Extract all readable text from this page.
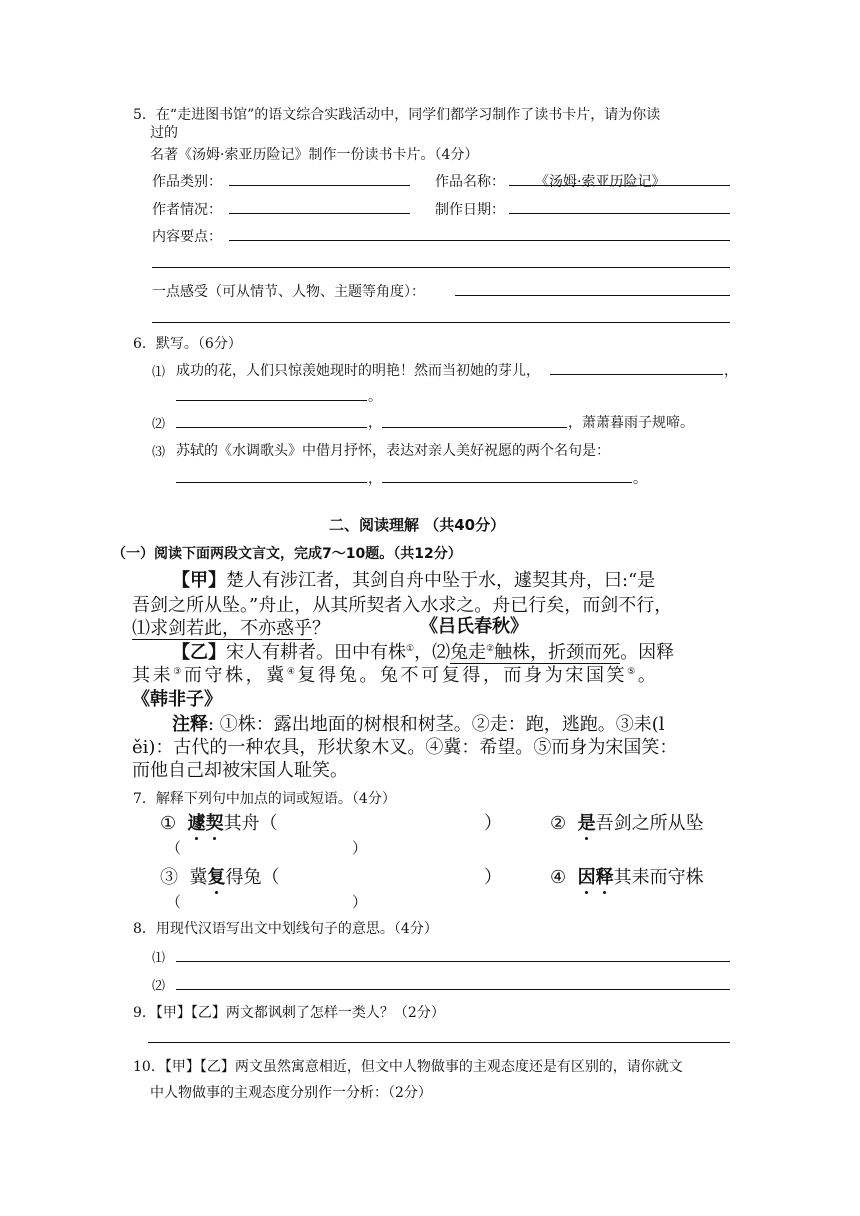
5．在“走进图书馆”的语文综合实践活动中，同学们都学习制作了读书卡片，请为你读
过的
名著《汤姆·索亚历险记》制作一份读书卡片。（4分）
作品类别：	作品名称： 《汤姆·索亚历险记》
作者情况：	制作日期：
内容要点：
一点感受（可从情节、人物、主题等角度）：
6．默写。（6分）
⑴ 成功的花，人们只惊羡她现时的明艳！然而当初她的芽儿，	，
。
⑵	，	，萧萧暮雨子规啼。
⑶ 苏轼的《水调歌头》中借月抒怀，表达对亲人美好祝愿的两个名句是：
，	。
二、阅读理解 （共40分）
（一）阅读下面两段文言文，完成7～10题。（共12分）
【甲】楚人有涉江者，其剑自舟中坠于水，遽契其舟，曰:“是
吾剑之所从坠。”舟止，从其所契者入水求之。舟已行矣，而剑不行，
⑴求剑若此，不亦惑乎？	《吕氏春秋》
【乙】宋人有耕者。田中有株①，⑵兔走②触株，折颈而死。因释
其耒③而守株，冀④复得兔。兔不可复得，而身为宋国笑⑤。
《韩非子》
注释: ①株：露出地面的树根和树茎。②走：跑，逃跑。③耒(l
ěi)：古代的一种农具，形状象木叉。④冀：希望。⑤而身为宋国笑：
而他自己却被宋国人耻笑。
7．解释下列句中加点的词或短语。（4分）
① 遽契其舟（	）	② 是吾剑之所从坠
（	）
③ 冀复得兔（	）	④ 因释其耒而守株
（	）
8．用现代汉语写出文中划线句子的意思。（4分）
⑴
⑵
9．【甲】【乙】两文都讽刺了怎样一类人？（2分）
10．【甲】【乙】两文虽然寓意相近，但文中人物做事的主观态度还是有区别的，请你就文
中人物做事的主观态度分别作一分析：（2分）
